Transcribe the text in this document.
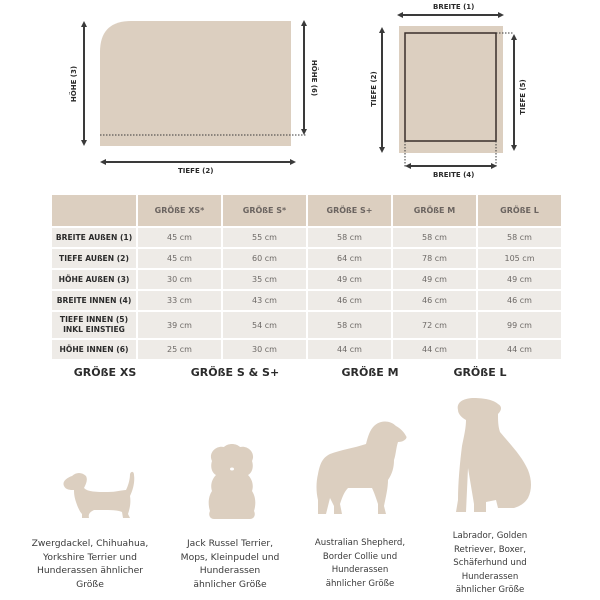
HÖHE (3)	HÖHE (6)
TIEFE (2)
BREITE (1)
TIEFE (2)	TIEFE (5)
BREITE (4)
	GRÖßE XS*	GRÖßE S*	GRÖßE S+	GRÖßE M	GRÖßE L
BREITE AUßEN (1)	45 cm	55 cm	58 cm	58 cm	58 cm
TIEFE AUßEN (2)	45 cm	60 cm	64 cm	78 cm	105 cm
HÖHE AUßEN (3)	30 cm	35 cm	49 cm	49 cm	49 cm
BREITE INNEN (4)	33 cm	43 cm	46 cm	46 cm	46 cm

TIEFE INNEN (5)
INKL EINSTIEG	39 cm	54 cm	58 cm	72 cm	99 cm
HÖHE INNEN (6)	25 cm	30 cm	44 cm	44 cm	44 cm
GRÖßE XS	GRÖßE S & S+	GRÖßE M	GRÖßE L
Zwergdackel, Chihuahua,
Yorkshire Terrier und
Hunderassen ähnlicher
Größe
Jack Russel Terrier,
Mops, Kleinpudel und
Hunderassen
ähnlicher Größe
Australian Shepherd,
Border Collie und
Hunderassen
ähnlicher Größe
Labrador, Golden
Retriever, Boxer,
Schäferhund und
Hunderassen
ähnlicher Größe
